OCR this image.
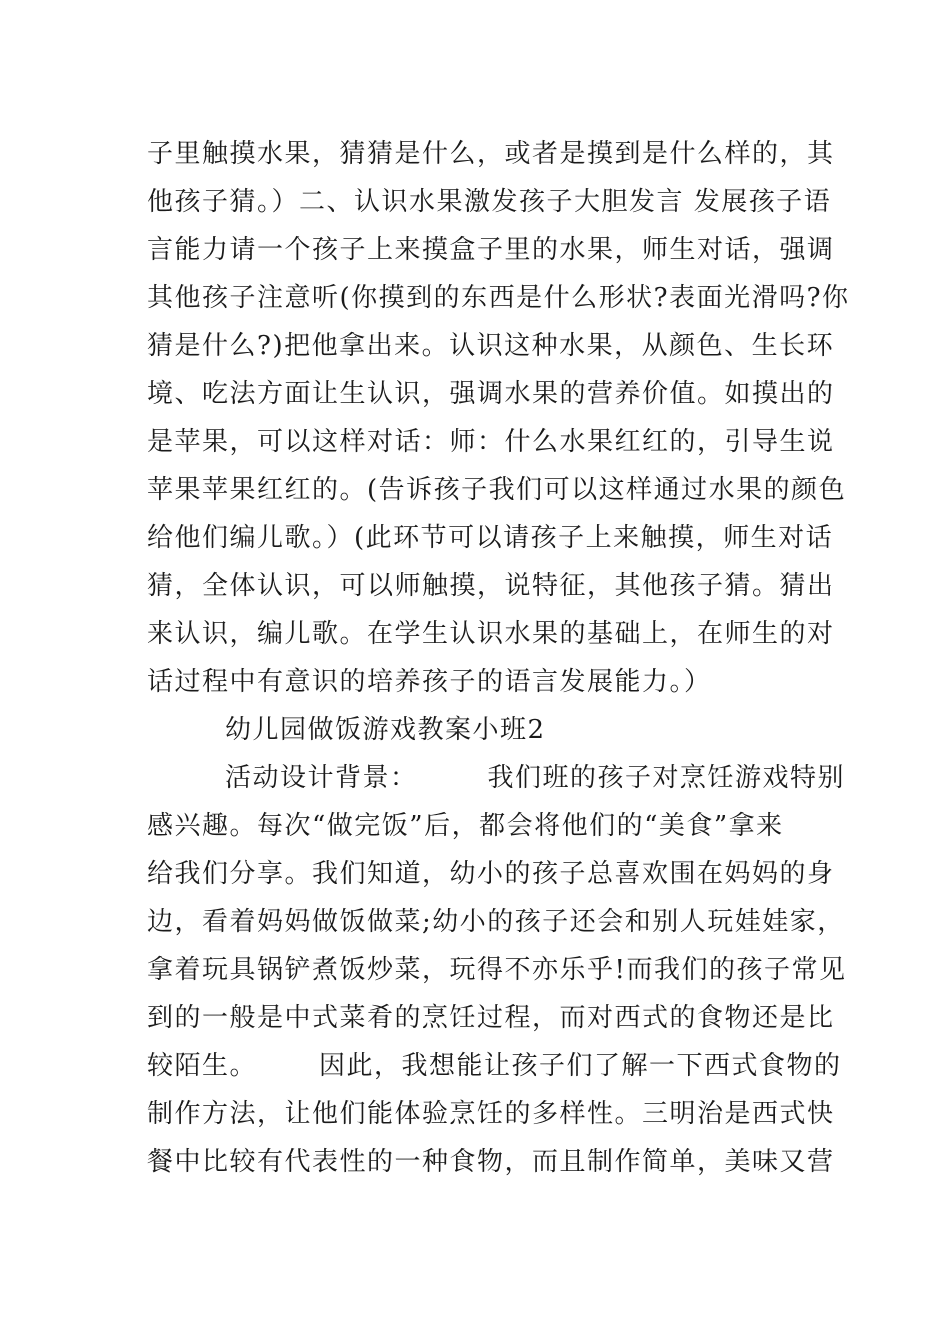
子里触摸水果，猜猜是什么，或者是摸到是什么样的，其
他孩子猜。）二、认识水果激发孩子大胆发言 发展孩子语
言能力请一个孩子上来摸盒子里的水果，师生对话，强调
其他孩子注意听(你摸到的东西是什么形状?表面光滑吗?你
猜是什么?)把他拿出来。认识这种水果，从颜色、生长环
境、吃法方面让生认识，强调水果的营养价值。如摸出的
是苹果，可以这样对话：师：什么水果红红的，引导生说
苹果苹果红红的。(告诉孩子我们可以这样通过水果的颜色
给他们编儿歌。）(此环节可以请孩子上来触摸，师生对话
猜，全体认识，可以师触摸，说特征，其他孩子猜。猜出
来认识，编儿歌。在学生认识水果的基础上，在师生的对
话过程中有意识的培养孩子的语言发展能力。）
幼儿园做饭游戏教案小班2
活动设计背景：	我们班的孩子对烹饪游戏特别
感兴趣。每次“做完饭”后，都会将他们的“美食”拿来
给我们分享。我们知道，幼小的孩子总喜欢围在妈妈的身
边，看着妈妈做饭做菜;幼小的孩子还会和别人玩娃娃家，
拿着玩具锅铲煮饭炒菜，玩得不亦乐乎!而我们的孩子常见
到的一般是中式菜肴的烹饪过程，而对西式的食物还是比
较陌生。 因此，我想能让孩子们了解一下西式食物的
制作方法，让他们能体验烹饪的多样性。三明治是西式快
餐中比较有代表性的一种食物，而且制作简单，美味又营
